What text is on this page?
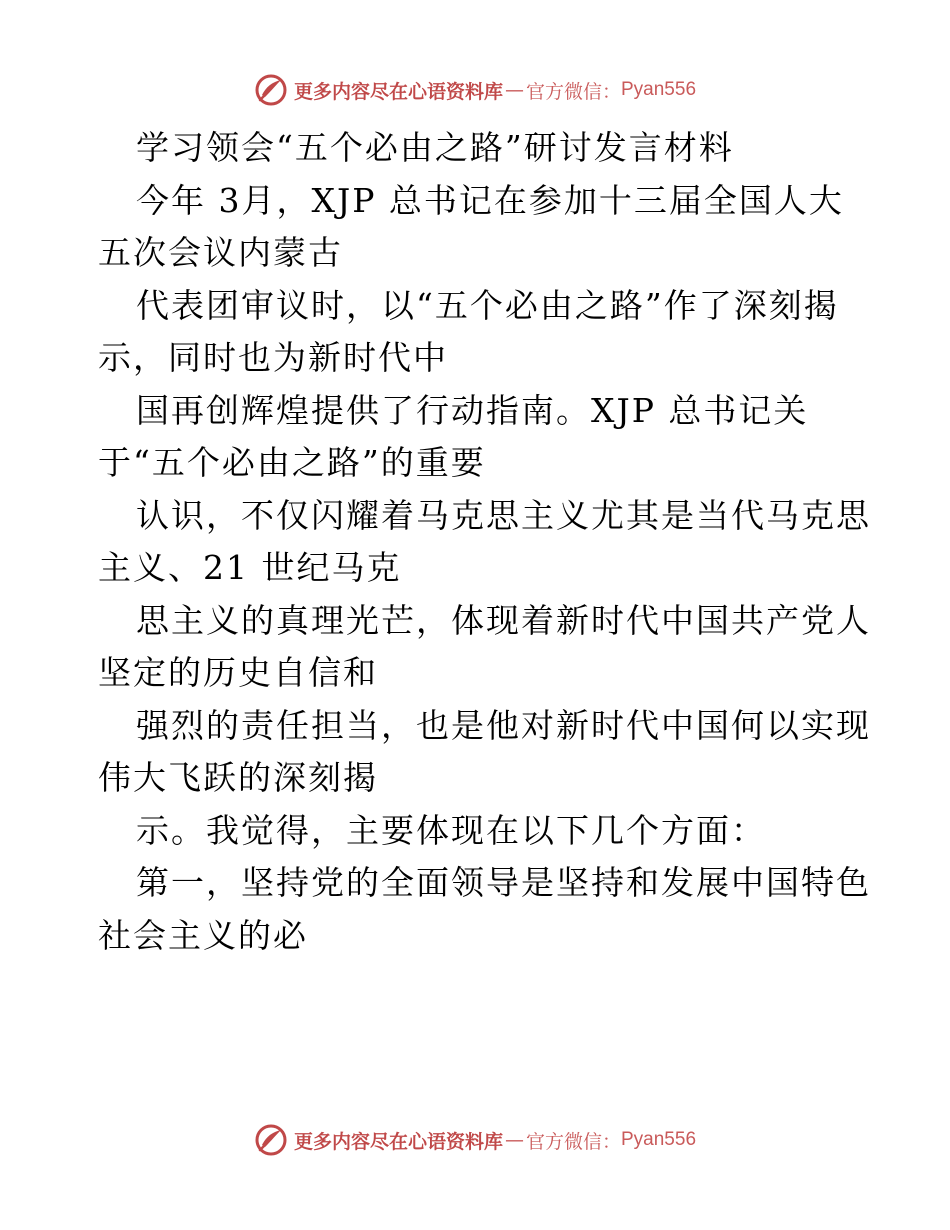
更多内容尽在心语资料库 — 官方微信： Pyan556
学习领会“五个必由之路”研讨发言材料
今年 3月，XJP 总书记在参加十三届全国人大
五次会议内蒙古
代表团审议时，以“五个必由之路”作了深刻揭
示，同时也为新时代中
国再创辉煌提供了行动指南。XJP 总书记关
于“五个必由之路”的重要
认识，不仅闪耀着马克思主义尤其是当代马克思
主义、21 世纪马克
思主义的真理光芒，体现着新时代中国共产党人
坚定的历史自信和
强烈的责任担当，也是他对新时代中国何以实现
伟大飞跃的深刻揭
示。我觉得，主要体现在以下几个方面：
第一，坚持党的全面领导是坚持和发展中国特色
社会主义的必
更多内容尽在心语资料库 — 官方微信： Pyan556
